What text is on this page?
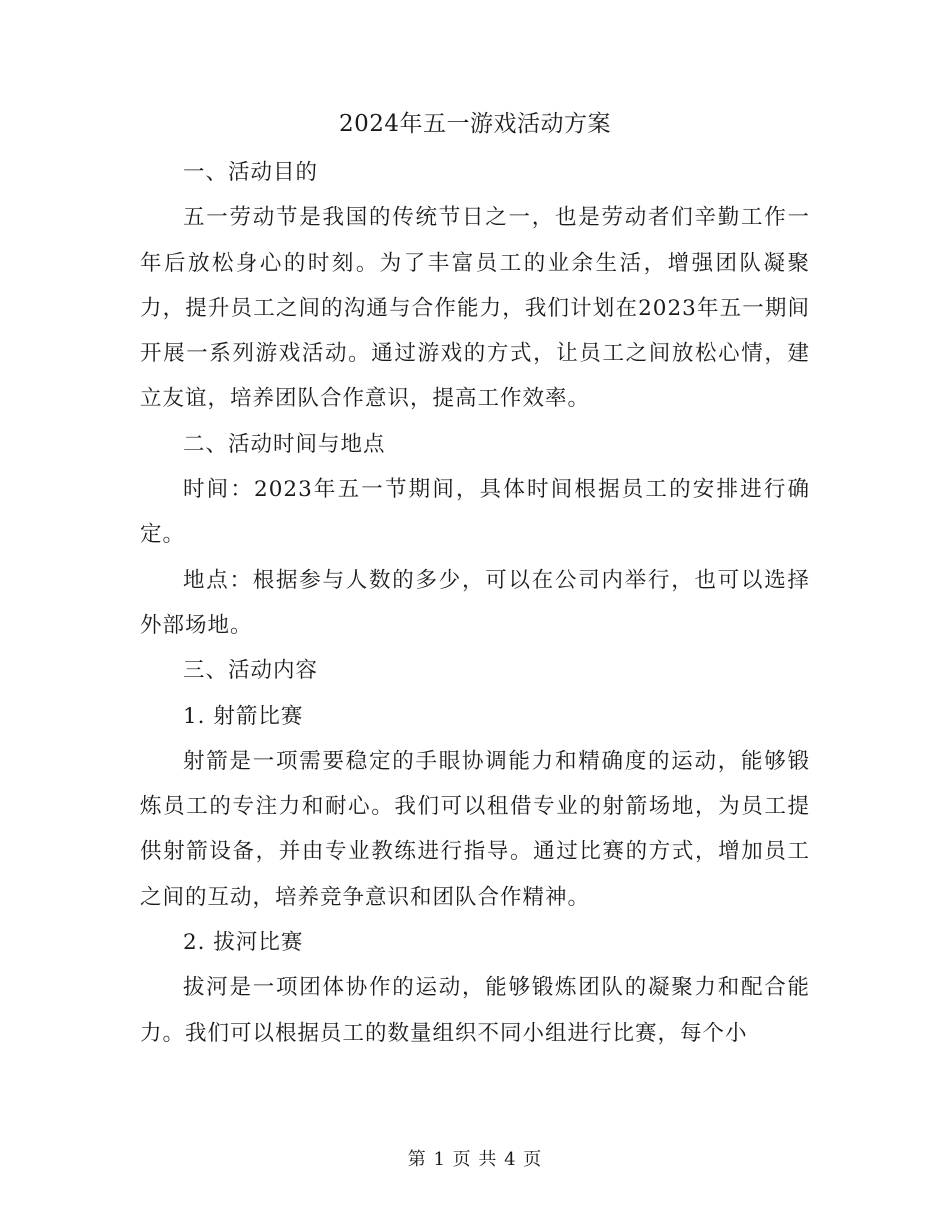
2024年五一游戏活动方案

一、活动目的

五一劳动节是我国的传统节日之一，也是劳动者们辛勤工作一年后放松身心的时刻。为了丰富员工的业余生活，增强团队凝聚力，提升员工之间的沟通与合作能力，我们计划在2023年五一期间开展一系列游戏活动。通过游戏的方式，让员工之间放松心情，建立友谊，培养团队合作意识，提高工作效率。

二、活动时间与地点

时间：2023年五一节期间，具体时间根据员工的安排进行确定。

地点：根据参与人数的多少，可以在公司内举行，也可以选择外部场地。

三、活动内容

1. 射箭比赛

射箭是一项需要稳定的手眼协调能力和精确度的运动，能够锻炼员工的专注力和耐心。我们可以租借专业的射箭场地，为员工提供射箭设备，并由专业教练进行指导。通过比赛的方式，增加员工之间的互动，培养竞争意识和团队合作精神。

2. 拔河比赛

拔河是一项团体协作的运动，能够锻炼团队的凝聚力和配合能力。我们可以根据员工的数量组织不同小组进行比赛，每个小

第 1 页 共 4 页
